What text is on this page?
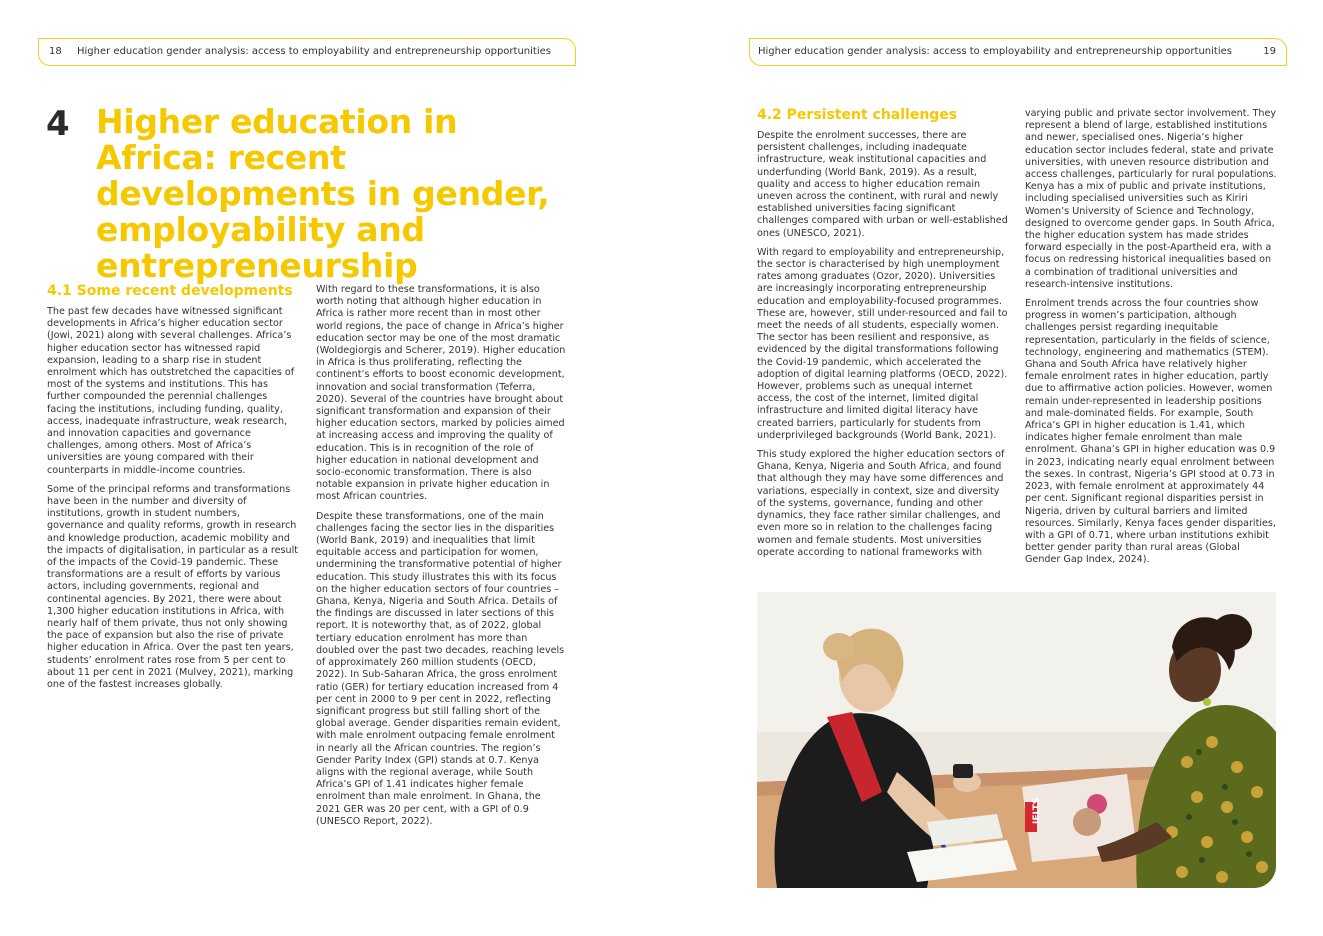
18 Higher education gender analysis: access to employability and entrepreneurship opportunities
4 Higher education in Africa: recent developments in gender, employability and entrepreneurship
4.1 Some recent developments

The past few decades have witnessed significant developments in Africa’s higher education sector (Jowi, 2021) along with several challenges. Africa’s higher education sector has witnessed rapid expansion, leading to a sharp rise in student enrolment which has outstretched the capacities of most of the systems and institutions. This has further compounded the perennial challenges facing the institutions, including funding, quality, access, inadequate infrastructure, weak research, and innovation capacities and governance challenges, among others. Most of Africa’s universities are young compared with their counterparts in middle-income countries.

Some of the principal reforms and transformations have been in the number and diversity of institutions, growth in student numbers, governance and quality reforms, growth in research and knowledge production, academic mobility and the impacts of digitalisation, in particular as a result of the impacts of the Covid-19 pandemic. These transformations are a result of efforts by various actors, including governments, regional and continental agencies. By 2021, there were about 1,300 higher education institutions in Africa, with nearly half of them private, thus not only showing the pace of expansion but also the rise of private higher education in Africa. Over the past ten years, students’ enrolment rates rose from 5 per cent to about 11 per cent in 2021 (Mulvey, 2021), marking one of the fastest increases globally.

With regard to these transformations, it is also worth noting that although higher education in Africa is rather more recent than in most other world regions, the pace of change in Africa’s higher education sector may be one of the most dramatic (Woldegiorgis and Scherer, 2019). Higher education in Africa is thus proliferating, reflecting the continent’s efforts to boost economic development, innovation and social transformation (Teferra, 2020). Several of the countries have brought about significant transformation and expansion of their higher education sectors, marked by policies aimed at increasing access and improving the quality of education. This is in recognition of the role of higher education in national development and socio-economic transformation. There is also notable expansion in private higher education in most African countries.

Despite these transformations, one of the main challenges facing the sector lies in the disparities (World Bank, 2019) and inequalities that limit equitable access and participation for women, undermining the transformative potential of higher education. This study illustrates this with its focus on the higher education sectors of four countries – Ghana, Kenya, Nigeria and South Africa. Details of the findings are discussed in later sections of this report. It is noteworthy that, as of 2022, global tertiary education enrolment has more than doubled over the past two decades, reaching levels of approximately 260 million students (OECD, 2022). In Sub-Saharan Africa, the gross enrolment ratio (GER) for tertiary education increased from 4 per cent in 2000 to 9 per cent in 2022, reflecting significant progress but still falling short of the global average. Gender disparities remain evident, with male enrolment outpacing female enrolment in nearly all the African countries. The region’s Gender Parity Index (GPI) stands at 0.7. Kenya aligns with the regional average, while South Africa’s GPI of 1.41 indicates higher female enrolment than male enrolment. In Ghana, the 2021 GER was 20 per cent, with a GPI of 0.9 (UNESCO Report, 2022).

Higher education gender analysis: access to employability and entrepreneurship opportunities	19
4.2 Persistent challenges

Despite the enrolment successes, there are persistent challenges, including inadequate infrastructure, weak institutional capacities and underfunding (World Bank, 2019). As a result, quality and access to higher education remain uneven across the continent, with rural and newly established universities facing significant challenges compared with urban or well-established ones (UNESCO, 2021).

With regard to employability and entrepreneurship, the sector is characterised by high unemployment rates among graduates (Ozor, 2020). Universities are increasingly incorporating entrepreneurship education and employability-focused programmes. These are, however, still under-resourced and fail to meet the needs of all students, especially women. The sector has been resilient and responsive, as evidenced by the digital transformations following the Covid-19 pandemic, which accelerated the adoption of digital learning platforms (OECD, 2022). However, problems such as unequal internet access, the cost of the internet, limited digital infrastructure and limited digital literacy have created barriers, particularly for students from underprivileged backgrounds (World Bank, 2021).

This study explored the higher education sectors of Ghana, Kenya, Nigeria and South Africa, and found that although they may have some differences and variations, especially in context, size and diversity of the systems, governance, funding and other dynamics, they face rather similar challenges, and even more so in relation to the challenges facing women and female students. Most universities operate according to national frameworks with

varying public and private sector involvement. They represent a blend of large, established institutions and newer, specialised ones. Nigeria’s higher education sector includes federal, state and private universities, with uneven resource distribution and access challenges, particularly for rural populations. Kenya has a mix of public and private institutions, including specialised universities such as Kiriri Women’s University of Science and Technology, designed to overcome gender gaps. In South Africa, the higher education system has made strides forward especially in the post-Apartheid era, with a focus on redressing historical inequalities based on a combination of traditional universities and research-intensive institutions.

Enrolment trends across the four countries show progress in women’s participation, although challenges persist regarding inequitable representation, particularly in the fields of science, technology, engineering and mathematics (STEM). Ghana and South Africa have relatively higher female enrolment rates in higher education, partly due to affirmative action policies. However, women remain under-represented in leadership positions and male-dominated fields. For example, South Africa’s GPI in higher education is 1.41, which indicates higher female enrolment than male enrolment. Ghana’s GPI in higher education was 0.9 in 2023, indicating nearly equal enrolment between the sexes. In contrast, Nigeria’s GPI stood at 0.73 in 2023, with female enrolment at approximately 44 per cent. Significant regional disparities persist in Nigeria, driven by cultural barriers and limited resources. Similarly, Kenya faces gender disparities, with a GPI of 0.71, where urban institutions exhibit better gender parity than rural areas (Global Gender Gap Index, 2024).

IELTS
